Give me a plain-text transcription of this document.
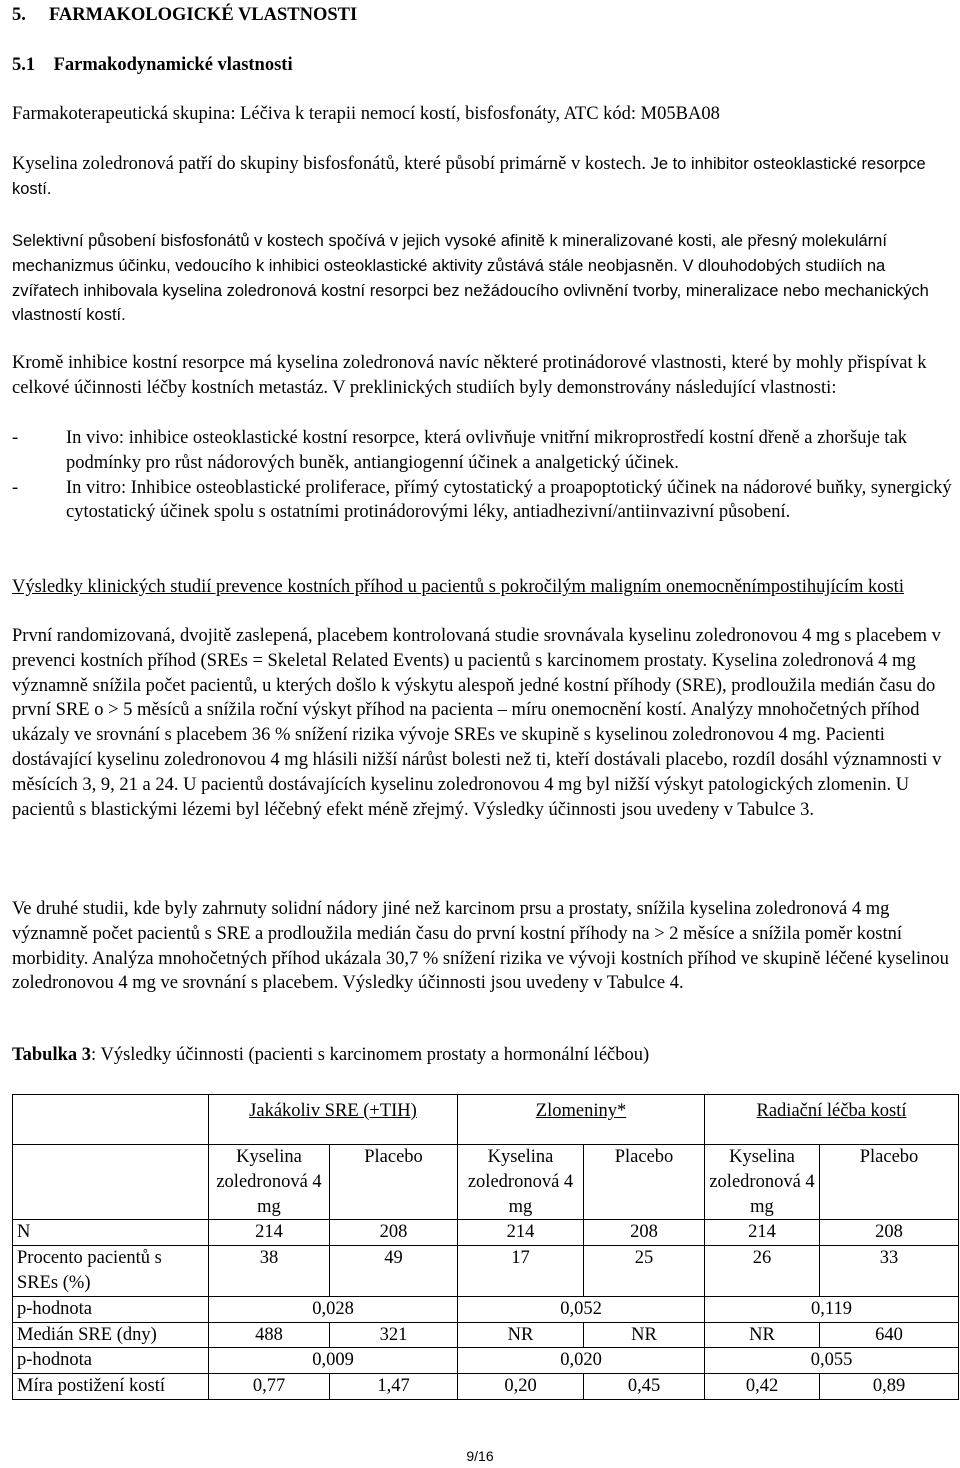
5.     FARMAKOLOGICKÉ VLASTNOSTI
5.1    Farmakodynamické vlastnosti
Farmakoterapeutická skupina: Léčiva k terapii nemocí kostí, bisfosfonáty, ATC kód: M05BA08
Kyselina zoledronová patří do skupiny bisfosfonátů, které působí primárně v kostech. Je to inhibitor osteoklastické resorpce kostí.
Selektivní působení bisfosfonátů v kostech spočívá v jejich vysoké afinitě k mineralizované kosti, ale přesný molekulární mechanizmus účinku, vedoucího k inhibici osteoklastické aktivity zůstává stále neobjasněn. V dlouhodobých studiích na zvířatech inhibovala kyselina zoledronová kostní resorpci bez nežádoucího ovlivnění tvorby, mineralizace nebo mechanických vlastností kostí.
Kromě inhibice kostní resorpce má kyselina zoledronová navíc některé protinádorové vlastnosti, které by mohly přispívat k celkové účinnosti léčby kostních metastáz. V preklinických studiích byly demonstrovány následující vlastnosti:
-	In vivo: inhibice osteoklastické kostní resorpce, která ovlivňuje vnitřní mikroprostředí kostní dřeně a zhoršuje tak podmínky pro růst nádorových buněk, antiangiogenní účinek a analgetický účinek.
-	In vitro: Inhibice osteoblastické proliferace, přímý cytostatický a proapoptotický účinek na nádorové buňky, synergický cytostatický účinek spolu s ostatními protinádorovými léky, antiadhezivní/antiinvazivní působení.
Výsledky klinických studií prevence kostních příhod u pacientů s pokročilým maligním onemocněnímpostihujícím kosti
První randomizovaná, dvojitě zaslepená, placebem kontrolovaná studie srovnávala kyselinu zoledronovou 4 mg s placebem v prevenci kostních příhod (SREs = Skeletal Related Events) u pacientů s karcinomem prostaty. Kyselina zoledronová 4 mg významně snížila počet pacientů, u kterých došlo k výskytu alespoň jedné kostní příhody (SRE), prodloužila medián času do první SRE o > 5 měsíců a snížila roční výskyt příhod na pacienta – míru onemocnění kostí. Analýzy mnohočetných příhod ukázaly ve srovnání s placebem 36 % snížení rizika vývoje SREs ve skupině s kyselinou zoledronovou 4 mg. Pacienti dostávající kyselinu zoledronovou 4 mg hlásili nižší nárůst bolesti než ti, kteří dostávali placebo, rozdíl dosáhl významnosti v měsících 3, 9, 21 a 24. U pacientů dostávajících kyselinu zoledronovou 4 mg byl nižší výskyt patologických zlomenin. U pacientů s blastickými lézemi byl léčebný efekt méně zřejmý. Výsledky účinnosti jsou uvedeny v Tabulce 3.
Ve druhé studii, kde byly zahrnuty solidní nádory jiné než karcinom prsu a prostaty, snížila kyselina zoledronová 4 mg významně počet pacientů s SRE a prodloužila medián času do první kostní příhody na > 2 měsíce a snížila poměr kostní morbidity. Analýza mnohočetných příhod ukázala 30,7 % snížení rizika ve vývoji kostních příhod ve skupině léčené kyselinou zoledronovou 4 mg ve srovnání s placebem. Výsledky účinnosti jsou uvedeny v Tabulce 4.
Tabulka 3: Výsledky účinnosti (pacienti s karcinomem prostaty a hormonální léčbou)
	Jakákoliv SRE (+TIH)		Zlomeniny*		Radiační léčba kostí	
	Kyselina zoledronová 4 mg	Placebo	Kyselina zoledronová 4 mg	Placebo	Kyselina zoledronová 4 mg	Placebo
N	214	208	214	208	214	208
Procento pacientů s SREs (%)	38	49	17	25	26	33
p-hodnota	0,028		0,052		0,119	
Medián SRE (dny)	488	321	NR	NR	NR	640
p-hodnota	0,009		0,020		0,055	
Míra postižení kostí	0,77	1,47	0,20	0,45	0,42	0,89
9/16
